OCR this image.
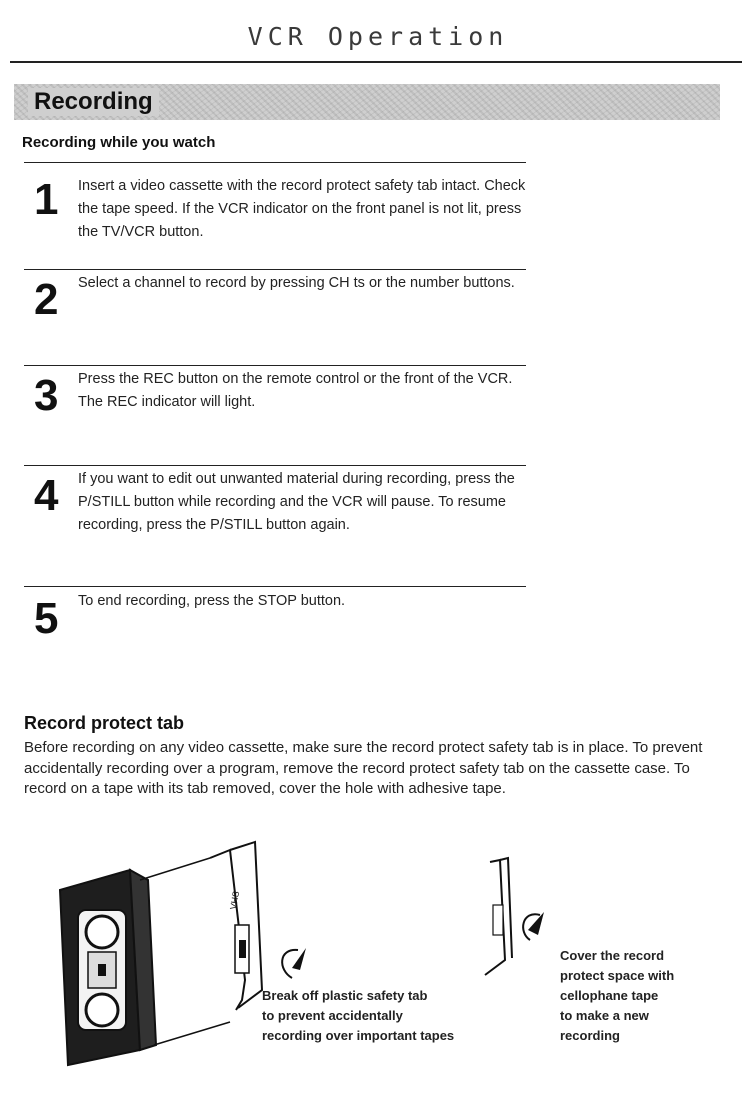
VCR Operation
Recording
Recording while you watch
1 Insert a video cassette with the record protect safety tab intact. Check the tape speed. If the VCR indicator on the front panel is not lit, press the TV/VCR button.
2 Select a channel to record by pressing CH ts or the number buttons.
3 Press the REC button on the remote control or the front of the VCR. The REC indicator will light.
4 If you want to edit out unwanted material during recording, press the P/STILL button while recording and the VCR will pause. To resume recording, press the P/STILL button again.
5 To end recording, press the STOP button.
Record protect tab
Before recording on any video cassette, make sure the record protect safety tab is in place. To prevent accidentally recording over a program, remove the record protect safety tab on the cassette case. To record on a tape with its tab removed, cover the hole with adhesive tape.
VHS
Break off plastic safety tab
to prevent accidentally
recording over important tapes
Cover the record
protect space with
cellophane tape
to make a new
recording
